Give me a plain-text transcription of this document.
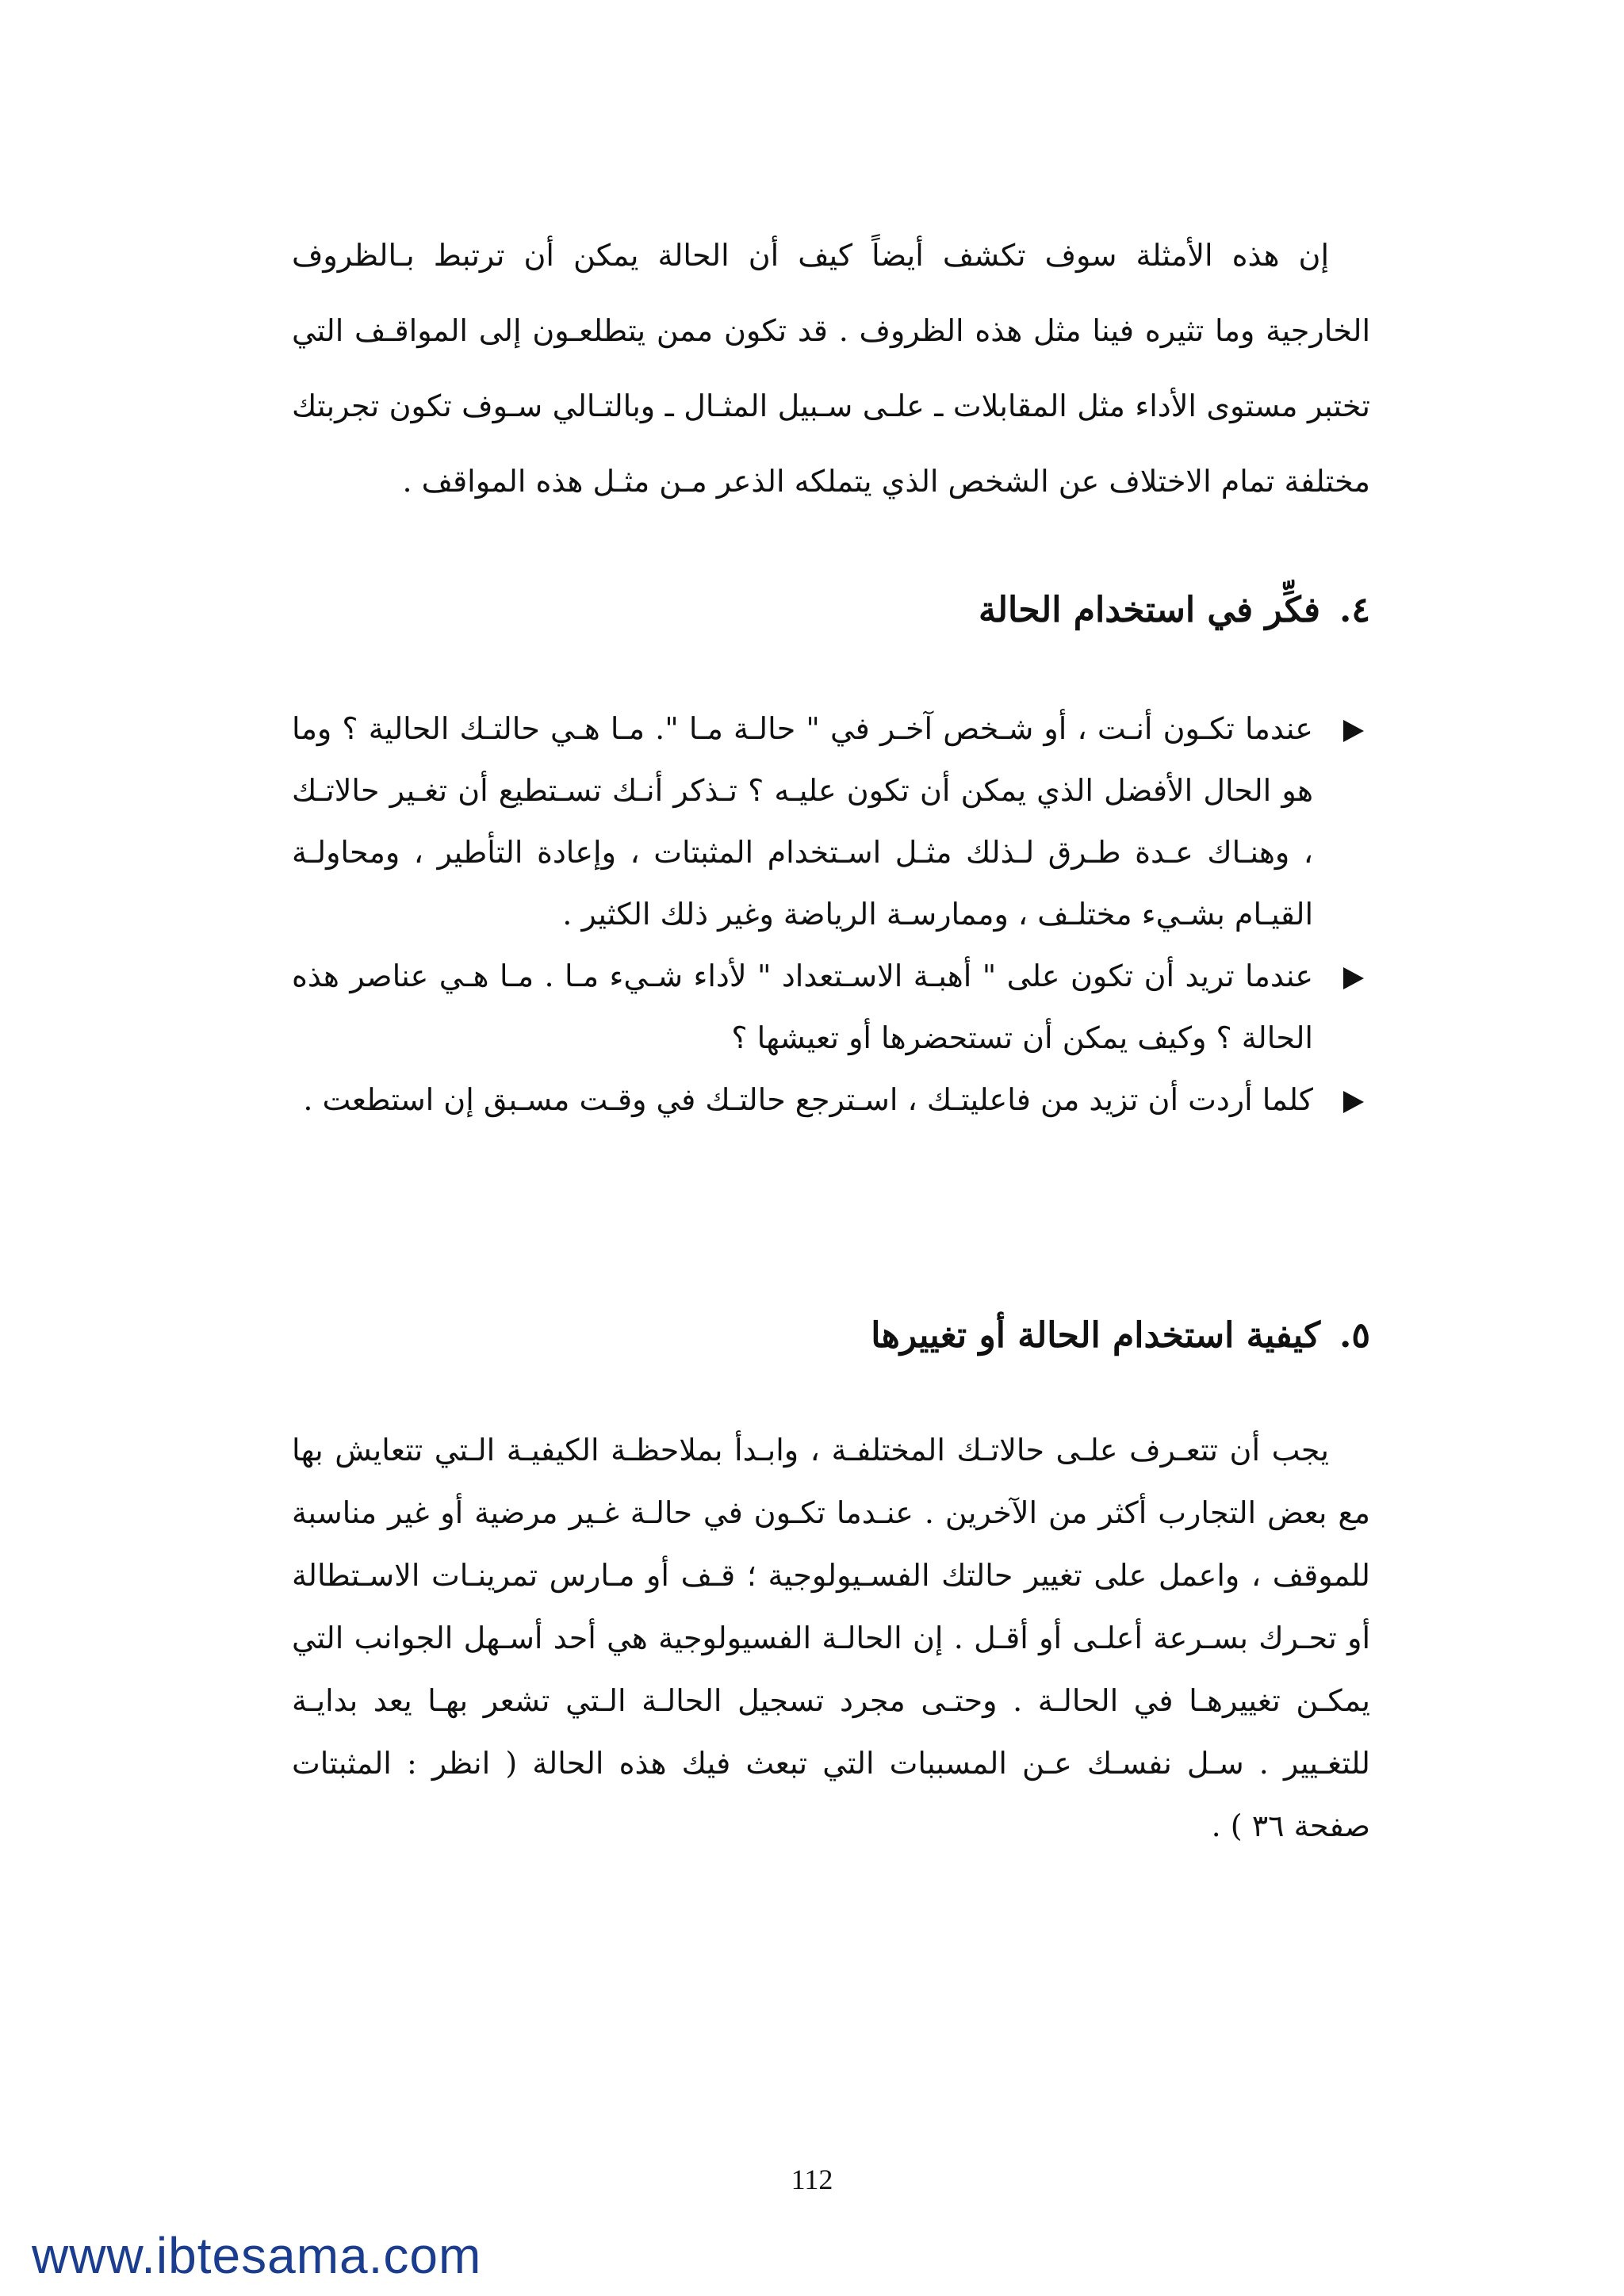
إن هذه الأمثلة سوف تكشف أيضاً كيف أن الحالة يمكن أن ترتبط بـالظروف الخارجية وما تثيره فينا مثل هذه الظروف . قد تكون ممن يتطلعـون إلى المواقـف التي تختبر مستوى الأداء مثل المقابلات ـ علـى سـبيل المثـال ـ وبالتـالي سـوف تكون تجربتك مختلفة تمام الاختلاف عن الشخص الذي يتملكه الذعر مـن مثـل هذه المواقف .

٤.فكِّر في استخدام الحالة
عندما تكـون أنـت ، أو شـخص آخـر في " حالـة مـا ". مـا هـي حالتـك الحالية ؟ وما هو الحال الأفضل الذي يمكن أن تكون عليـه ؟ تـذكر أنـك تسـتطيع أن تغـير حالاتـك ، وهنـاك عـدة طـرق لـذلك مثـل اسـتخدام المثبتات ، وإعادة التأطير ، ومحاولـة القيـام بشـيء مختلـف ، وممارسـة الرياضة وغير ذلك الكثير .
عندما تريد أن تكون على " أهبـة الاسـتعداد " لأداء شـيء مـا . مـا هـي عناصر هذه الحالة ؟ وكيف يمكن أن تستحضرها أو تعيشها ؟
كلما أردت أن تزيد من فاعليتـك ، اسـترجع حالتـك في وقـت مسـبق إن استطعت .
٥.كيفية استخدام الحالة أو تغييرها

يجب أن تتعـرف علـى حالاتـك المختلفـة ، وابـدأ بملاحظـة الكيفيـة الـتي تتعايش بها مع بعض التجارب أكثر من الآخرين . عنـدما تكـون في حالـة غـير مرضية أو غير مناسبة للموقف ، واعمل على تغيير حالتك الفسـيولوجية ؛ قـف أو مـارس تمرينـات الاسـتطالة أو تحـرك بسـرعة أعلـى أو أقـل . إن الحالـة الفسيولوجية هي أحد أسـهل الجوانب التي يمكـن تغييرهـا في الحالـة . وحتـى مجرد تسجيل الحالـة الـتي تشعر بهـا يعد بدايـة للتغـيير . سـل نفسـك عـن المسببات التي تبعث فيك هذه الحالة ( انظر : المثبتات صفحة ٣٦ ) .

112
www.ibtesama.com
